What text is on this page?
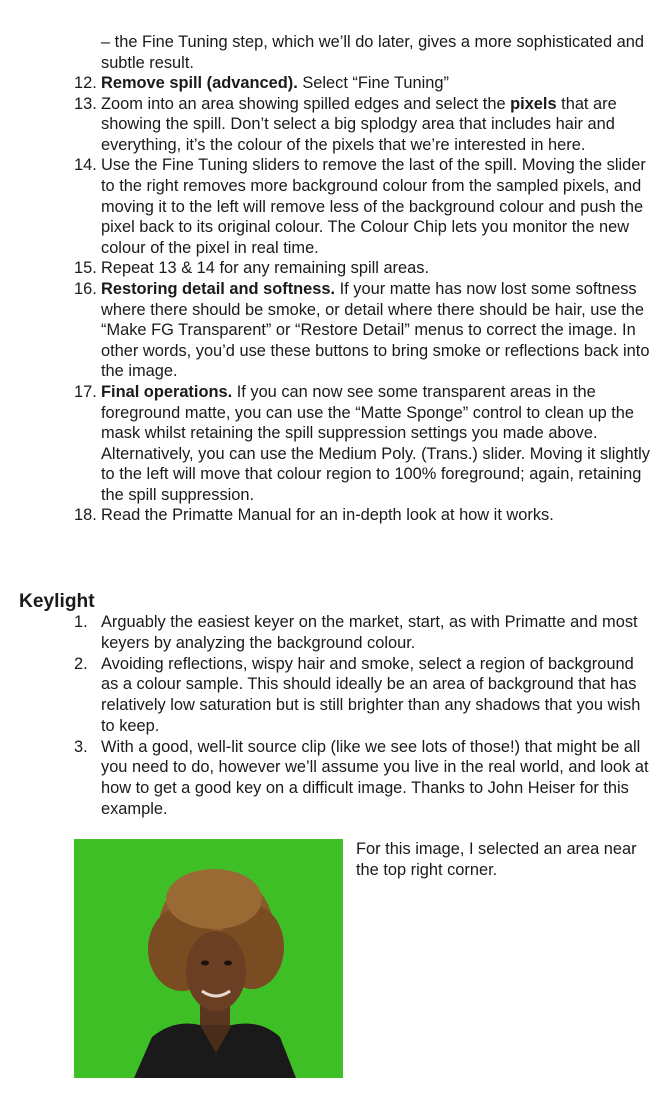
– the Fine Tuning step, which we’ll do later, gives a more sophisticated and subtle result.

12. Remove spill (advanced). Select “Fine Tuning”
13. Zoom into an area showing spilled edges and select the pixels that are showing the spill. Don’t select a big splodgy area that includes hair and everything, it’s the colour of the pixels that we’re interested in here.
14. Use the Fine Tuning sliders to remove the last of the spill. Moving the slider to the right removes more background colour from the sampled pixels, and moving it to the left will remove less of the background colour and push the pixel back to its original colour. The Colour Chip lets you monitor the new colour of the pixel in real time.
15. Repeat 13 & 14 for any remaining spill areas.
16. Restoring detail and softness. If your matte has now lost some softness where there should be smoke, or detail where there should be hair, use the “Make FG Transparent” or “Restore Detail” menus to correct the image. In other words, you’d use these buttons to bring smoke or reflections back into the image.
17. Final operations. If you can now see some transparent areas in the foreground matte, you can use the “Matte Sponge” control to clean up the mask whilst retaining the spill suppression settings you made above. Alternatively, you can use the Medium Poly. (Trans.) slider. Moving it slightly to the left will move that colour region to 100% foreground; again, retaining the spill suppression.
18. Read the Primatte Manual for an in-depth look at how it works.
Keylight
1. Arguably the easiest keyer on the market, start, as with Primatte and most keyers by analyzing the background colour.
2. Avoiding reflections, wispy hair and smoke, select a region of background as a colour sample. This should ideally be an area of background that has relatively low saturation but is still brighter than any shadows that you wish to keep.
3. With a good, well-lit source clip (like we see lots of those!) that might be all you need to do, however we’ll assume you live in the real world, and look at how to get a good key on a difficult image. Thanks to John Heiser for this example.

For this image, I selected an area near the top right corner.
